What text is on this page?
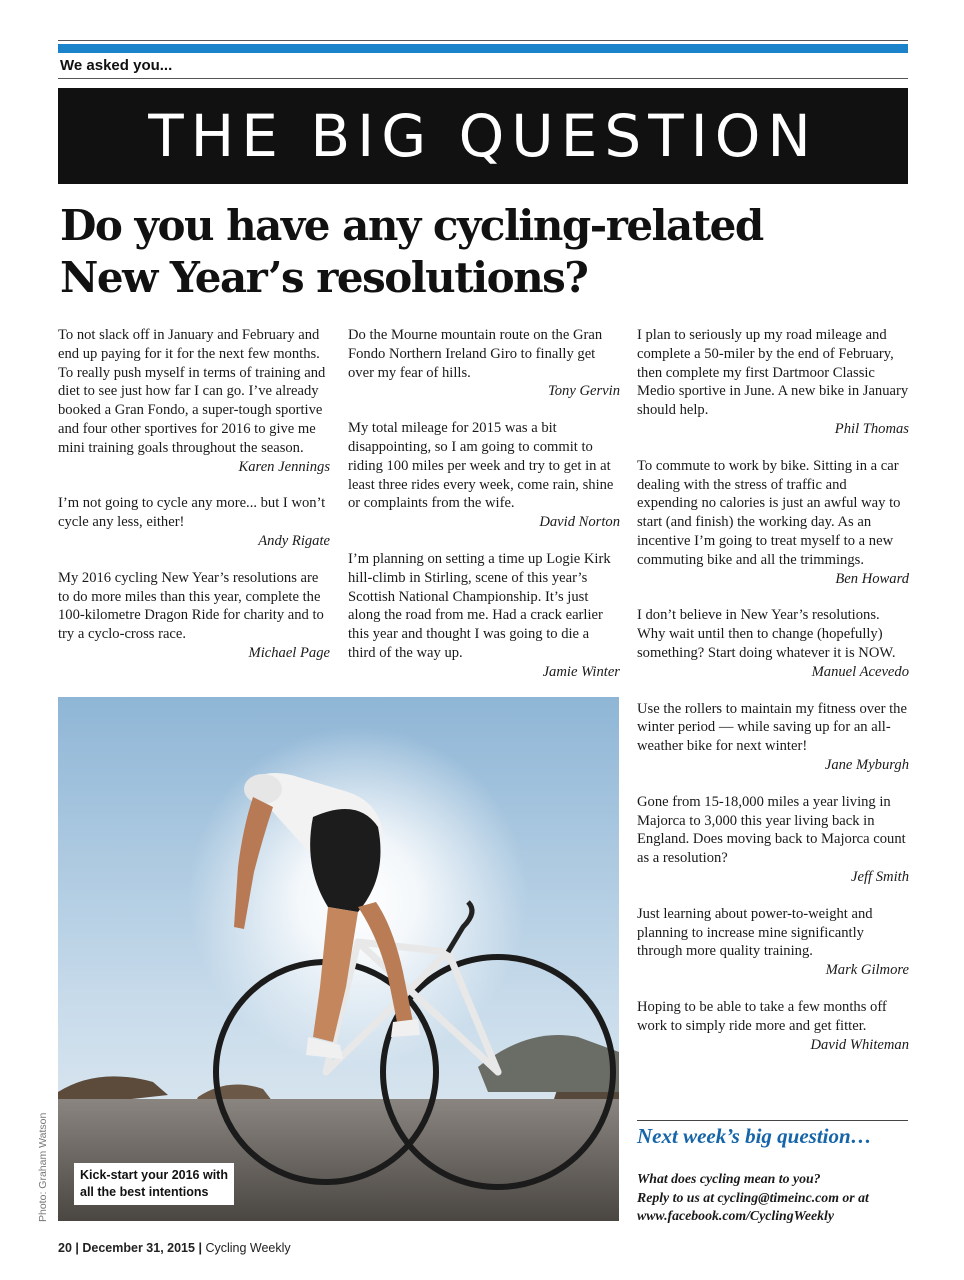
We asked you...
THE BIG QUESTION
Do you have any cycling-related
New Year’s resolutions?

To not slack off in January and February and end up paying for it for the next few months. To really push myself in terms of training and diet to see just how far I can go. I’ve already booked a Gran Fondo, a super-tough sportive and four other sportives for 2016 to give me mini training goals throughout the season.

Karen Jennings

I’m not going to cycle any more... but I won’t cycle any less, either!

Andy Rigate

My 2016 cycling New Year’s resolutions are to do more miles than this year, complete the 100-kilometre Dragon Ride for charity and to try a cyclo-cross race.

Michael Page

Do the Mourne mountain route on the Gran Fondo Northern Ireland Giro to finally get over my fear of hills.

Tony Gervin

My total mileage for 2015 was a bit disappointing, so I am going to commit to riding 100 miles per week and try to get in at least three rides every week, come rain, shine or complaints from the wife.

David Norton

I’m planning on setting a time up Logie Kirk hill-climb in Stirling, scene of this year’s Scottish National Championship. It’s just along the road from me. Had a crack earlier this year and thought I was going to die a third of the way up.

Jamie Winter

I plan to seriously up my road mileage and complete a 50-miler by the end of February, then complete my first Dartmoor Classic Medio sportive in June. A new bike in January should help.

Phil Thomas

To commute to work by bike. Sitting in a car dealing with the stress of traffic and expending no calories is just an awful way to start (and finish) the working day. As an incentive I’m going to treat myself to a new commuting bike and all the trimmings.

Ben Howard

I don’t believe in New Year’s resolutions. Why wait until then to change (hopefully) something? Start doing whatever it is NOW.

Manuel Acevedo

Use the rollers to maintain my fitness over the winter period — while saving up for an all-weather bike for next winter!

Jane Myburgh

Gone from 15-18,000 miles a year living in Majorca to 3,000 this year living back in England. Does moving back to Majorca count as a resolution?

Jeff Smith

Just learning about power-to-weight and planning to increase mine significantly through more quality training.

Mark Gilmore

Hoping to be able to take a few months off work to simply ride more and get fitter.

David Whiteman
Kick-start your 2016 with
all the best intentions
Photo: Graham Watson	Next week’s big question…
What does cycling mean to you?
Reply to us at cycling@timeinc.com or at
www.facebook.com/CyclingWeekly
20 | December 31, 2015 | Cycling Weekly
